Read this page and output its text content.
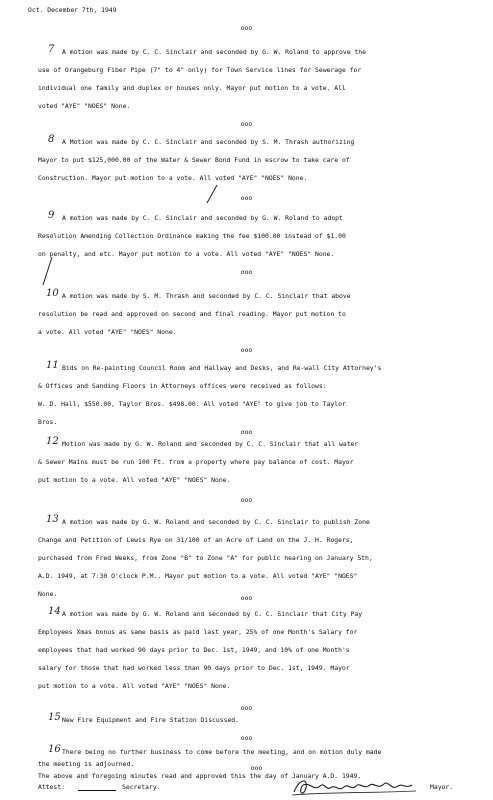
Oct. December 7th, 1949
ooo
7 A motion was made by C. C. Sinclair and seconded by G. W. Roland to approve the
use of Orangeburg Fiber Pipe (7" to 4" only) for Town Service lines for Sewerage for
individual one family and duplex or houses only. Mayor put motion to a vote. All
voted "AYE" "NOES" None.
ooo
8 A Motion was made by C. C. Sinclair and seconded by S. M. Thrash authorizing
Mayor to put $125,000.00 of the Water & Sewer Bond Fund in escrow to take care of
Construction. Mayor put motion to a vote. All voted "AYE" "NOES" None.
ooo
9 A motion was made by C. C. Sinclair and seconded by G. W. Roland to adopt
Resolution Amending Collection Ordinance making the fee $100.00 instead of $1.00
on penalty, and etc. Mayor put motion to a vote. All voted "AYE" "NOES" None.
ooo
10 A motion was made by S. M. Thrash and seconded by C. C. Sinclair that above
resolution be read and approved on second and final reading. Mayor put motion to
a vote. All voted "AYE" "NOES" None.
ooo
11 Bids on Re-painting Council Room and Hallway and Desks, and Re-wall City Attorney's
& Offices and Sanding Floors in Attorneys offices were received as follows:
W. D. Hall, $550.00, Taylor Bros. $498.00. All voted "AYE" to give job to Taylor
Bros.
ooo
12 Motion was made by G. W. Roland and seconded by C. C. Sinclair that all water
& Sewer Mains must be run 100 Ft. from a property where pay balance of cost. Mayor
put motion to a vote. All voted "AYE" "NOES" None.
ooo
13 A motion was made by G. W. Roland and seconded by C. C. Sinclair to publish Zone
Change and Petition of Lewis Rye on 31/100 of an Acre of Land on the J. H. Rogers,
purchased from Fred Weeks, from Zone "B" to Zone "A" for public hearing on January 5th,
A.D. 1949, at 7:30 O'clock P.M.. Mayor put motion to a vote. All voted "AYE" "NOES"
None.	ooo
14 A motion was made by G. W. Roland and seconded by C. C. Sinclair that City Pay
Employees Xmas bonus as same basis as paid last year, 25% of one Month's Salary for
employees that had worked 90 days prior to Dec. 1st, 1949, and 10% of one Month's
salary for those that had worked less than 90 days prior to Dec. 1st, 1949. Mayor
put motion to a vote. All voted "AYE" "NOES" None.
ooo
15 New Fire Equipment and Fire Station Discussed.
ooo
16 There being no further business to come before the meeting, and on motion duly made
the meeting is adjourned.	ooo
The above and foregoing minutes read and approved this the day of January A.D. 1949.
Attest:	Secretary.	Mayor.
